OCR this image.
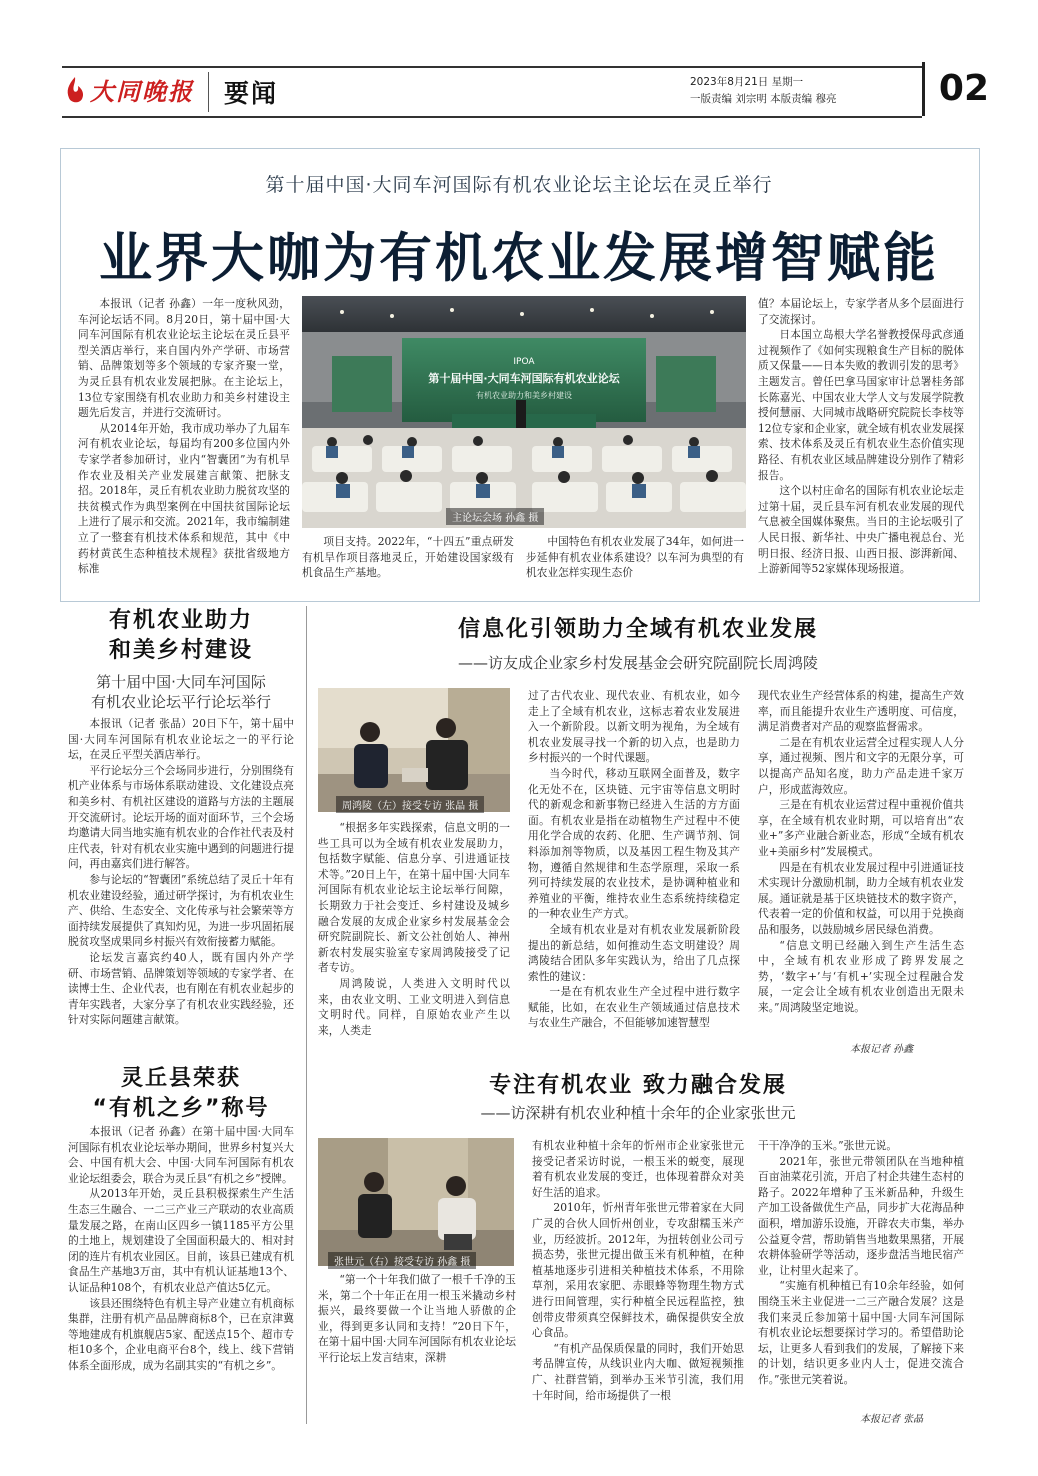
大同晚报 要闻	2023年8月21日 星期一
一版责编 刘宗明 本版责编 穆亮	02
第十届中国·大同车河国际有机农业论坛主论坛在灵丘举行
业界大咖为有机农业发展增智赋能

本报讯（记者 孙鑫）一年一度秋风劲，车河论坛话不同。8月20日，第十届中国·大同车河国际有机农业论坛主论坛在灵丘县平型关酒店举行，来自国内外产学研、市场营销、品牌策划等多个领域的专家齐聚一堂，为灵丘县有机农业发展把脉。在主论坛上，13位专家围绕有机农业助力和美乡村建设主题先后发言，并进行交流研讨。

从2014年开始，我市成功举办了九届车河有机农业论坛，每届均有200多位国内外专家学者参加研讨，业内“智囊团”为有机旱作农业及相关产业发展建言献策、把脉支招。2018年，灵丘有机农业助力脱贫攻坚的扶贫模式作为典型案例在中国扶贫国际论坛上进行了展示和交流。2021年，我市编制建立了一整套有机技术体系和规范，其中《中药材黄芪生态种植技术规程》获批省级地方标准

IPOA
第十届中国·大同车河国际有机农业论坛
有机农业助力和美乡村建设
主论坛会场 孙鑫 摄

项目支持。2022年，“十四五”重点研发有机旱作项目落地灵丘，开始建设国家级有机食品生产基地。

中国特色有机农业发展了34年，如何进一步延伸有机农业体系建设？以车河为典型的有机农业怎样实现生态价

值？本届论坛上，专家学者从多个层面进行了交流探讨。

日本国立岛根大学名誉教授保母武彦通过视频作了《如何实现粮食生产目标的脱体质又保量——日本失败的教训引发的思考》主题发言。曾任巴拿马国家审计总署桂务部长陈嘉光、中国农业大学人文与发展学院教授何慧丽、大同城市战略研究院院长李枝等12位专家和企业家，就全域有机农业发展探索、技术体系及灵丘有机农业生态价值实现路径、有机农业区域品牌建设分别作了精彩报告。

这个以村庄命名的国际有机农业论坛走过第十届，灵丘县车河有机农业发展的现代气息被全国媒体聚焦。当日的主论坛吸引了人民日报、新华社、中央广播电视总台、光明日报、经济日报、山西日报、澎湃新闻、上游新闻等52家媒体现场报道。

有机农业助力
和美乡村建设
第十届中国·大同车河国际
有机农业论坛平行论坛举行

本报讯（记者 张晶）20日下午，第十届中国·大同车河国际有机农业论坛之一的平行论坛，在灵丘平型关酒店举行。

平行论坛分三个会场同步进行，分别围绕有机产业体系与市场体系联动建设、文化建设点亮和美乡村、有机社区建设的道路与方法的主题展开交流研讨。论坛开场的面对面环节，三个会场均邀请大同当地实施有机农业的合作社代表及村庄代表，针对有机农业实施中遇到的问题进行提问，再由嘉宾们进行解答。

参与论坛的“智囊团”系统总结了灵丘十年有机农业建设经验，通过研学探讨，为有机农业生产、供给、生态安全、文化传承与社会繁荣等方面持续发展提供了真知灼见，为进一步巩固拓展脱贫攻坚成果同乡村振兴有效衔接蓄力赋能。

论坛发言嘉宾约40人，既有国内外产学研、市场营销、品牌策划等领域的专家学者、在读博士生、企业代表，也有刚在有机农业起步的青年实践者，大家分享了有机农业实践经验，还针对实际问题建言献策。

灵丘县荣获
“有机之乡”称号

本报讯（记者 孙鑫）在第十届中国·大同车河国际有机农业论坛举办期间，世界乡村复兴大会、中国有机大会、中国·大同车河国际有机农业论坛组委会，联合为灵丘县“有机之乡”授牌。

从2013年开始，灵丘县积极探索生产生活生态三生融合、一二三产业三产联动的农业高质量发展之路，在南山区四乡一镇1185平方公里的土地上，规划建设了全国面积最大的、相对封闭的连片有机农业园区。目前，该县已建成有机食品生产基地3万亩，其中有机认证基地13个、认证品种108个，有机农业总产值达5亿元。

该县还围绕特色有机主导产业建立有机商标集群，注册有机产品品牌商标8个，已在京津冀等地建成有机旗舰店5家、配送点15个、超市专柜10多个，企业电商平台8个，线上、线下营销体系全面形成，成为名副其实的“有机之乡”。

信息化引领助力全域有机农业发展
——访友成企业家乡村发展基金会研究院副院长周鸿陵
周鸿陵（左）接受专访 张晶 摄

“根据多年实践探索，信息文明的一些工具可以为全域有机农业发展助力，包括数字赋能、信息分享、引进通证技术等。”20日上午，在第十届中国·大同车河国际有机农业论坛主论坛举行间隙，长期致力于社会变迁、乡村建设及城乡融合发展的友成企业家乡村发展基金会研究院副院长、新文公社创始人、神州新农村发展实验室专家周鸿陵接受了记者专访。

周鸿陵说，人类进入文明时代以来，由农业文明、工业文明进入到信息文明时代。同样，自原始农业产生以来，人类走

过了古代农业、现代农业、有机农业，如今走上了全域有机农业，这标志着农业发展进入一个新阶段。以新文明为视角，为全域有机农业发展寻找一个新的切入点，也是助力乡村振兴的一个时代课题。

当今时代，移动互联网全面普及，数字化无处不在，区块链、元宇宙等信息文明时代的新观念和新事物已经进入生活的方方面面。有机农业是指在动植物生产过程中不使用化学合成的农药、化肥、生产调节剂、饲料添加剂等物质，以及基因工程生物及其产物，遵循自然规律和生态学原理，采取一系列可持续发展的农业技术，是协调种植业和养殖业的平衡，维持农业生态系统持续稳定的一种农业生产方式。

全域有机农业是对有机农业发展新阶段提出的新总结，如何推动生态文明建设？周鸿陵结合团队多年实践认为，给出了几点探索性的建议：

一是在有机农业生产全过程中进行数字赋能，比如，在农业生产领域通过信息技术与农业生产融合，不但能够加速智慧型

现代农业生产经营体系的构建，提高生产效率，而且能提升农业生产透明度、可信度，满足消费者对产品的观察监督需求。

二是在有机农业运营全过程实现人人分享，通过视频、图片和文字的无限分享，可以提高产品知名度，助力产品走进千家万户，形成蓝海效应。

三是在有机农业运营过程中重视价值共享，在全域有机农业时期，可以培育出“农业+”多产业融合新业态，形成“全域有机农业+美丽乡村”发展模式。

四是在有机农业发展过程中引进通证技术实现计分激励机制，助力全域有机农业发展。通证就是基于区块链技术的数字资产，代表着一定的价值和权益，可以用于兑换商品和服务，以鼓励城乡居民绿色消费。

“信息文明已经融入到生产生活生态中，全域有机农业形成了跨界发展之势，‘数字+’与‘有机+’实现全过程融合发展，一定会让全域有机农业创造出无限未来。”周鸿陵坚定地说。

本报记者 孙鑫
专注有机农业 致力融合发展
——访深耕有机农业种植十余年的企业家张世元
张世元（右）接受专访 孙鑫 摄

“第一个十年我们做了一根千千净的玉米，第二个十年正在用一根玉米撬动乡村振兴，最终要做一个让当地人骄傲的企业，得到更多认同和支持！”20日下午，在第十届中国·大同车河国际有机农业论坛平行论坛上发言结束，深耕

有机农业种植十余年的忻州市企业家张世元接受记者采访时说，一根玉米的蜕变，展现着有机农业发展的变迁，也体现着群众对美好生活的追求。

2010年，忻州青年张世元带着家在大同广灵的合伙人回忻州创业，专攻甜糯玉米产业，历经波折。2012年，为扭转创业公司亏损态势，张世元提出做玉米有机种植，在种植基地逐步引进相关种植技术体系，不用除草剂，采用农家肥、赤眼蜂等物理生物方式进行田间管理，实行种植全民远程监控，独创带皮带须真空保鲜技术，确保提供安全放心食品。

“有机产品保质保量的同时，我们开始思考品牌宣传，从线识业内大咖、做短视频推广、社群营销，到举办玉米节引流，我们用十年时间，给市场提供了一根

干干净净的玉米。”张世元说。

2021年，张世元带领团队在当地种植百亩油菜花引流，开启了村企共建生态村的路子。2022年增种了玉米新品种，升级生产加工设备做优生产品，同步扩大花海品种面积，增加游乐设施，开辟农夫市集，举办公益夏令营，帮助销售当地数果黑猪，开展农耕体验研学等活动，逐步盘活当地民宿产业，让村里火起来了。

“实施有机种植已有10余年经验，如何围绕玉米主业促进一二三产融合发展？这是我们来灵丘参加第十届中国·大同车河国际有机农业论坛想要探讨学习的。希望借助论坛，让更多人看到我们的发展，了解接下来的计划，结识更多业内人士，促进交流合作。”张世元笑着说。

本报记者 张晶
